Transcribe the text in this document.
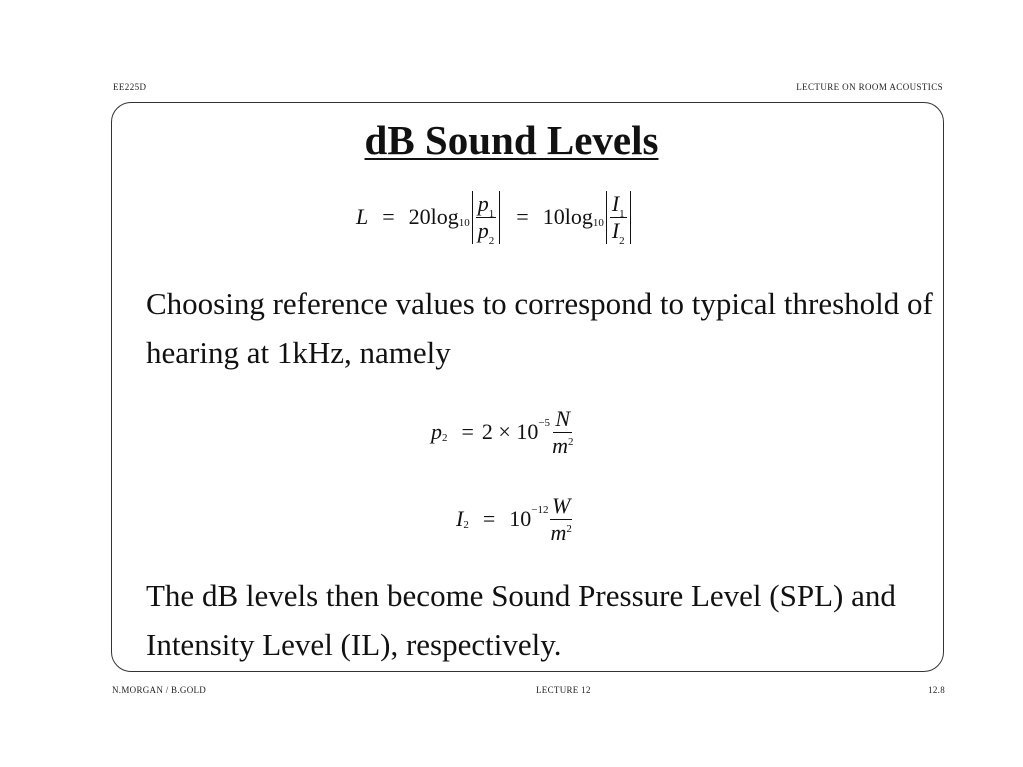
EE225D	LECTURE ON ROOM ACOUSTICS
dB Sound Levels
L = 20log $10 \frac{p_1}{p_2} = 10\log$ $10 \frac{I_1}{I_2}$
Choosing reference values to correspond to typical threshold of hearing at 1kHz, namely
p $2 = 2 \times 10 -5 \frac{N}{m^2}$
I $2 = 10 -12 \frac{W}{m^2}$
The dB levels then become Sound Pressure Level (SPL) and Intensity Level (IL), respectively.
N.MORGAN / B.GOLD	LECTURE 12	12.8
